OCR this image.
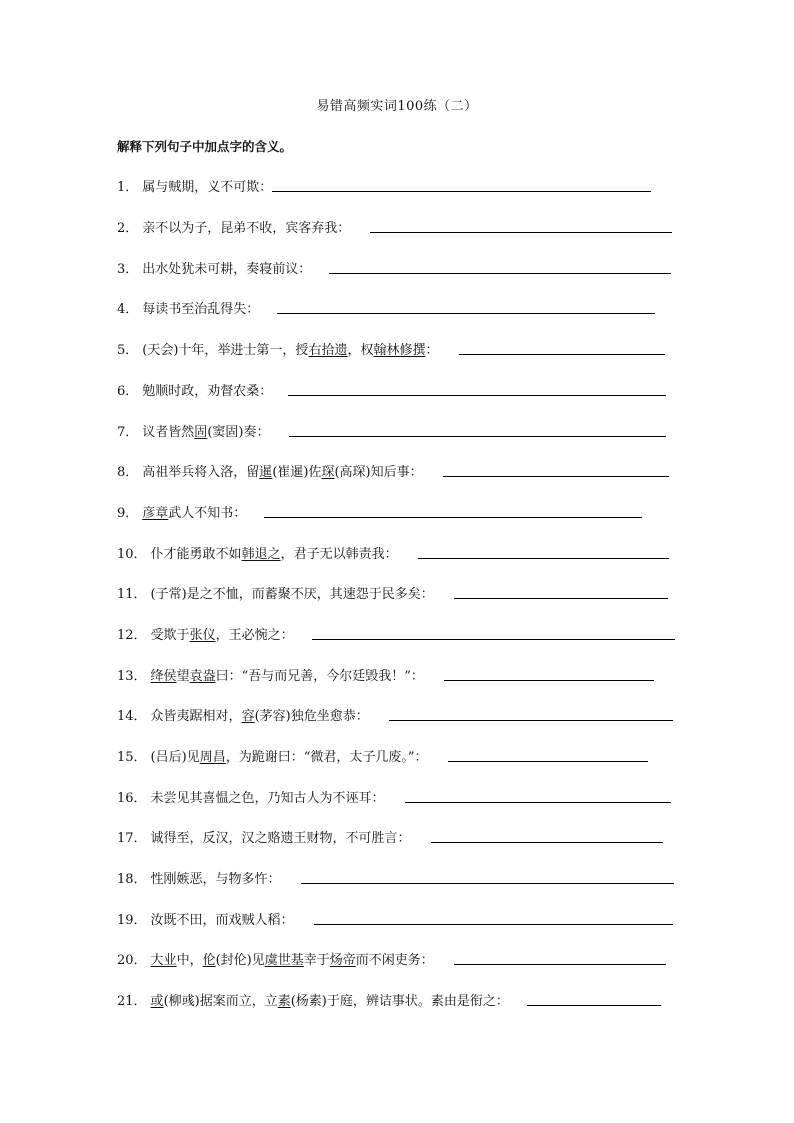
易错高频实词100练（二）
解释下列句子中加点字的含义。
1． 属与贼期，义不可欺：
2． 亲不以为子，昆弟不收，宾客弃我：
3． 出水处犹未可耕，奏寝前议：
4． 每读书至治乱得失：
5． (天会)十年，举进士第一，授 右拾遗 ，权 翰林修撰 ：
6． 勉顺时政，劝督农桑：
7． 议者皆然 固 (窦固)奏：
8． 高祖举兵将入洛，留 暹 (崔暹)佐 琛 (高琛)知后事：
9． 彦章 武人不知书：
10． 仆才能勇敢不如 韩退之 ，君子无以韩责我：
11． (子常)是之不恤，而蓄聚不厌，其速怨于民多矣：
12． 受欺于 张仪 ，王必惋之：
13． 绛侯 望 袁盎 曰：“吾与而兄善，今尔廷毁我！”：
14． 众皆夷踞相对， 容 (茅容)独危坐愈恭：
15． (吕后)见 周昌 ，为跪谢曰：“微君，太子几废。”：
16． 未尝见其喜愠之色，乃知古人为不诬耳：
17． 诚得至，反汉，汉之赂遗王财物，不可胜言：
18． 性刚嫉恶，与物多忤：
19． 汝既不田，而戏贼人稻：
20． 大业 中， 伦 (封伦)见 虞世基 幸于 炀帝 而不闲吏务：
21． 或 (柳彧)据案而立，立 素 (杨素)于庭，辨诘事状。素由是衔之：
